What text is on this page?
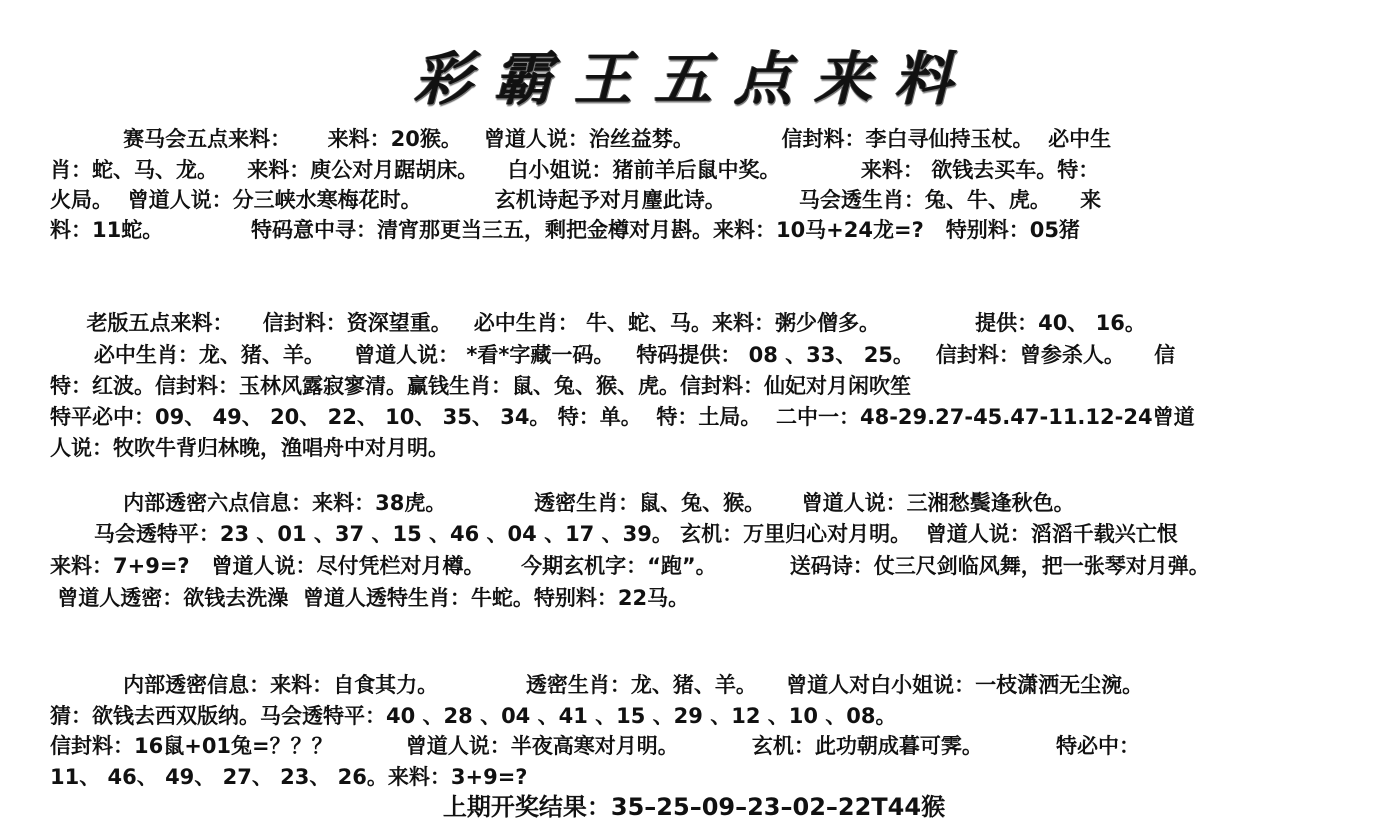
彩霸王五点来料
赛马会五点来料：     来料：20猴。   曾道人说：治丝益棼。            信封料：李白寻仙持玉杖。  必中生
肖：蛇、马、龙。    来料：庾公对月踞胡床。    白小姐说：猪前羊后鼠中奖。           来料： 欲钱去买车。特：
火局。  曾道人说：分三峡水寒梅花时。          玄机诗起予对月麈此诗。          马会透生肖：兔、牛、虎。    来
料：11蛇。            特码意中寻：清宵那更当三五，剩把金樽对月斟。来料：10马+24龙=?   特别料：05猪
老版五点来料：    信封料：资深望重。   必中生肖： 牛、蛇、马。来料：粥少僧多。             提供：40、 16。
必中生肖：龙、猪、羊。    曾道人说： *看*字藏一码。   特码提供： 08 、33、 25。   信封料：曾参杀人。    信
特：红波。信封料：玉林风露寂寥清。赢钱生肖：鼠、兔、猴、虎。信封料：仙妃对月闲吹笙
特平必中：09、 49、 20、 22、 10、 35、 34。 特：单。  特：土局。  二中一：48-29.27-45.47-11.12-24曾道
人说：牧吹牛背归林晚，渔唱舟中对月明。
内部透密六点信息：来料：38虎。            透密生肖：鼠、兔、猴。     曾道人说：三湘愁鬓逢秋色。
马会透特平：23 、01 、37 、15 、46 、04 、17 、39。 玄机：万里归心对月明。  曾道人说：滔滔千载兴亡恨
来料：7+9=?   曾道人说：尽付凭栏对月樽。     今期玄机字：“跑”。          送码诗：仗三尺剑临风舞，把一张琴对月弹。
曾道人透密：欲钱去洗澡  曾道人透特生肖：牛蛇。特别料：22马。
内部透密信息：来料：自食其力。            透密生肖：龙、猪、羊。    曾道人对白小姐说：一枝潇洒无尘涴。
猜：欲钱去西双版纳。马会透特平：40 、28 、04 、41 、15 、29 、12 、10 、08。
信封料：16鼠+01兔=？？？          曾道人说：半夜高寒对月明。          玄机：此功朝成暮可霁。          特必中：
11、 46、 49、 27、 23、 26。来料：3+9=?
上期开奖结果：35–25–09–23–02–22T44猴
